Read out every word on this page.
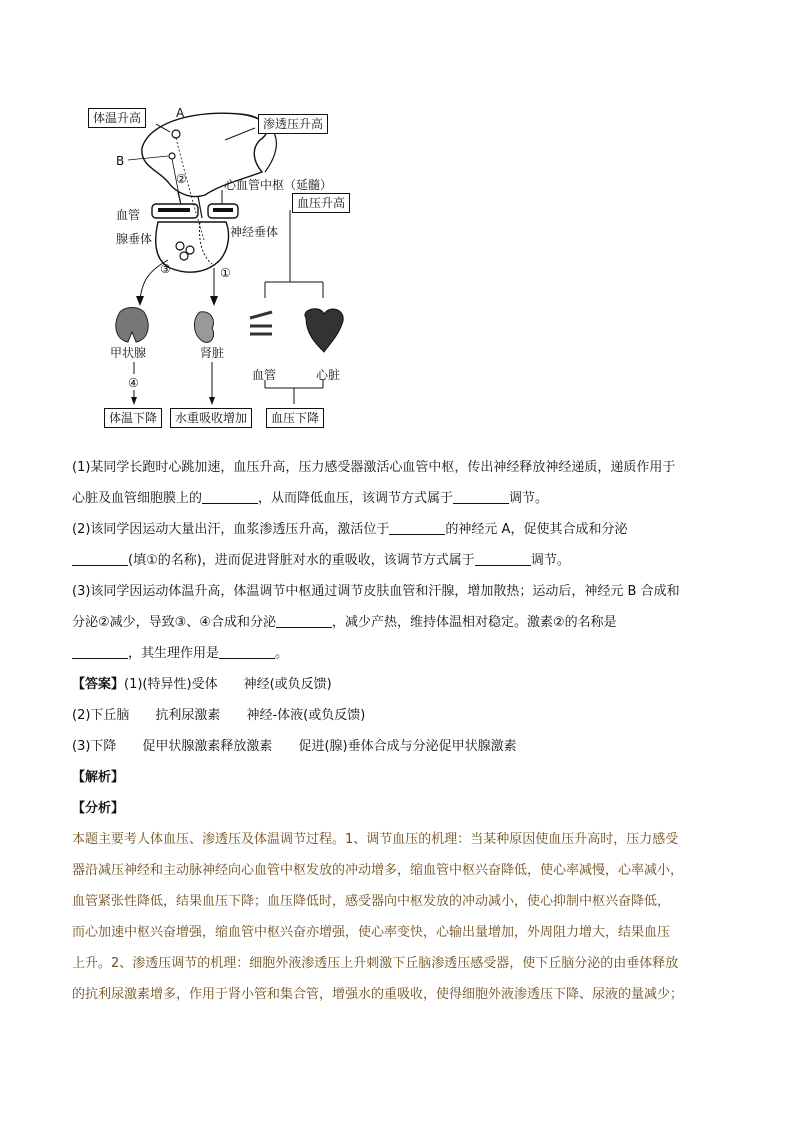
体温升高	A
渗透压升高
B
②	心血管中枢（延髓）
血压升高
血管
腺垂体	神经垂体
③	①
甲状腺	肾脏
血管	心脏
④
体温下降	水重吸收增加	血压下降

(1)某同学长跑时心跳加速，血压升高，压力感受器激活心血管中枢，传出神经释放神经递质，递质作用于

心脏及血管细胞膜上的	，从而降低血压，该调节方式属于	调节。

(2)该同学因运动大量出汗，血浆渗透压升高，激活位于	的神经元 A，促使其合成和分泌

(填①的名称)，进而促进肾脏对水的重吸收，该调节方式属于	调节。

(3)该同学因运动体温升高，体温调节中枢通过调节皮肤血管和汗腺，增加散热；运动后，神经元 B 合成和

分泌②减少，导致③、④合成和分泌	，减少产热，维持体温相对稳定。激素②的名称是

，其生理作用是	。

【答案】(1)(特异性)受体 神经(或负反馈)

(2)下丘脑 抗利尿激素 神经-体液(或负反馈)

(3)下降 促甲状腺激素释放激素 促进(腺)垂体合成与分泌促甲状腺激素

【解析】

【分析】

本题主要考人体血压、渗透压及体温调节过程。1、调节血压的机理：当某种原因使血压升高时，压力感受

器沿减压神经和主动脉神经向心血管中枢发放的冲动增多，缩血管中枢兴奋降低，使心率减慢，心率减小，

血管紧张性降低，结果血压下降；血压降低时，感受器向中枢发放的冲动减小，使心抑制中枢兴奋降低，

而心加速中枢兴奋增强，缩血管中枢兴奋亦增强，使心率变快，心输出量增加，外周阻力增大，结果血压

上升。2、渗透压调节的机理：细胞外液渗透压上升刺激下丘脑渗透压感受器，使下丘脑分泌的由垂体释放

的抗利尿激素增多，作用于肾小管和集合管，增强水的重吸收，使得细胞外液渗透压下降、尿液的量减少；
